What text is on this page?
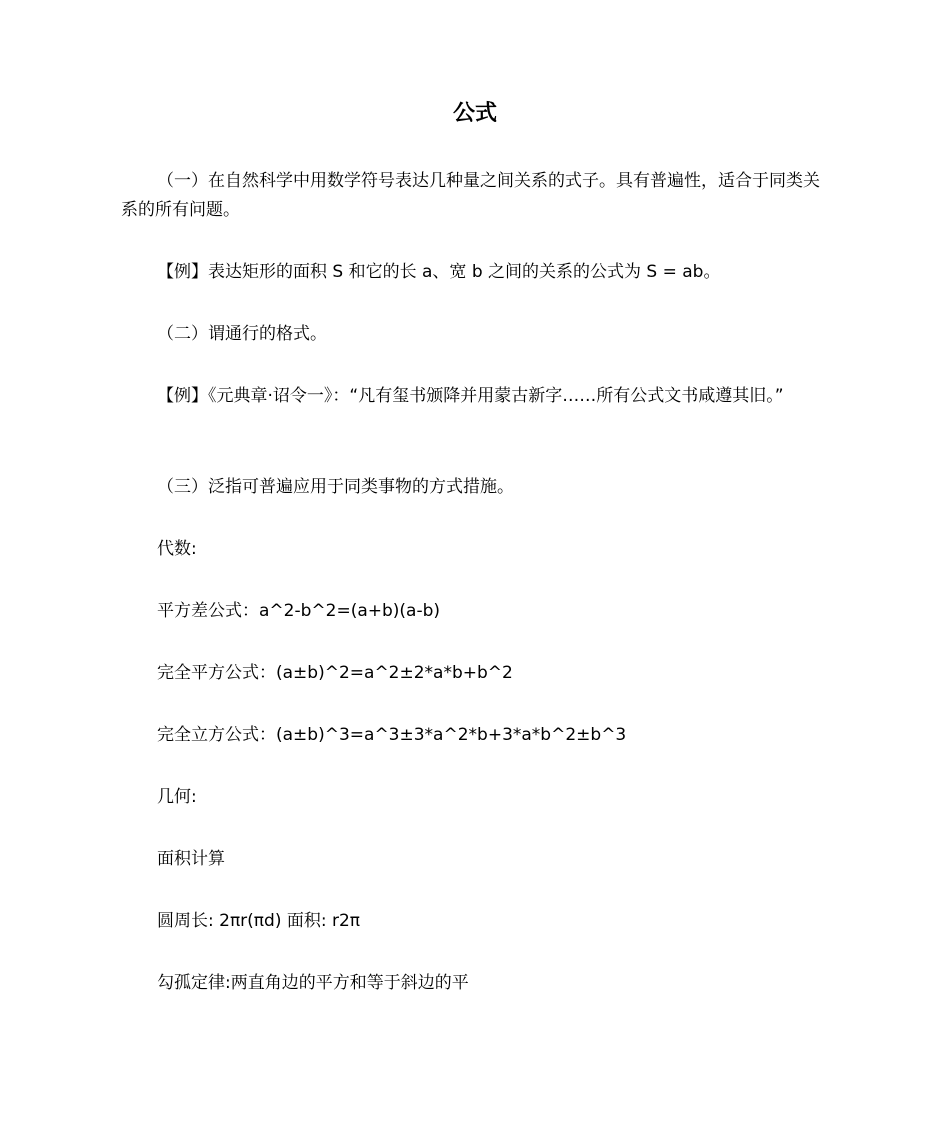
公式
（一）在自然科学中用数学符号表达几种量之间关系的式子。具有普遍性，适合于同类关系的所有问题。
【例】表达矩形的面积 S 和它的长 a、宽 b 之间的关系的公式为 S = ab。
（二）谓通行的格式。
【例】《元典章·诏令一》：“凡有玺书颁降并用蒙古新字……所有公式文书咸遵其旧。”
（三）泛指可普遍应用于同类事物的方式措施。
代数:
平方差公式：a^2-b^2=(a+b)(a-b)
完全平方公式：(a±b)^2=a^2±2*a*b+b^2
完全立方公式：(a±b)^3=a^3±3*a^2*b+3*a*b^2±b^3
几何:
面积计算
圆周长: 2πr(πd) 面积: r2π
勾孤定律:两直角边的平方和等于斜边的平
